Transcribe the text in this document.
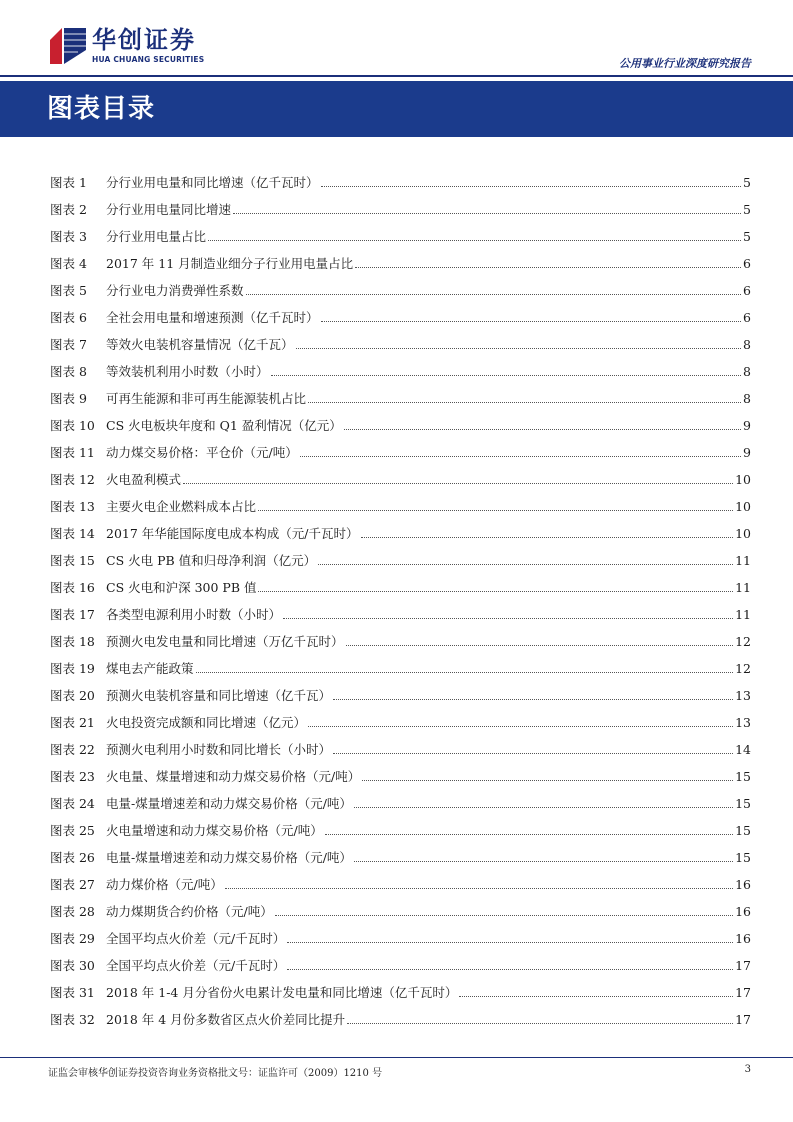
华创证券
HUA CHUANG SECURITIES	公用事业行业深度研究报告
图表目录
图表 1	分行业用电量和同比增速（亿千瓦时）	5
图表 2	分行业用电量同比增速	5
图表 3	分行业用电量占比	5
图表 4	2017 年 11 月制造业细分子行业用电量占比	6
图表 5	分行业电力消费弹性系数	6
图表 6	全社会用电量和增速预测（亿千瓦时）	6
图表 7	等效火电装机容量情况（亿千瓦）	8
图表 8	等效装机利用小时数（小时）	8
图表 9	可再生能源和非可再生能源装机占比	8
图表 10 CS 火电板块年度和 Q1 盈利情况（亿元）	9
图表 11 动力煤交易价格：平仓价（元/吨）	9
图表 12 火电盈利模式	10
图表 13 主要火电企业燃料成本占比	10
图表 14 2017 年华能国际度电成本构成（元/千瓦时）	10
图表 15 CS 火电 PB 值和归母净利润（亿元）	11
图表 16 CS 火电和沪深 300 PB 值	11
图表 17 各类型电源利用小时数（小时）	11
图表 18 预测火电发电量和同比增速（万亿千瓦时）	12
图表 19 煤电去产能政策	12
图表 20 预测火电装机容量和同比增速（亿千瓦）	13
图表 21 火电投资完成额和同比增速（亿元）	13
图表 22 预测火电利用小时数和同比增长（小时）	14
图表 23 火电量、煤量增速和动力煤交易价格（元/吨）	15
图表 24 电量-煤量增速差和动力煤交易价格（元/吨）	15
图表 25 火电量增速和动力煤交易价格（元/吨）	15
图表 26 电量-煤量增速差和动力煤交易价格（元/吨）	15
图表 27 动力煤价格（元/吨）	16
图表 28 动力煤期货合约价格（元/吨）	16
图表 29 全国平均点火价差（元/千瓦时）	16
图表 30 全国平均点火价差（元/千瓦时）	17
图表 31 2018 年 1-4 月分省份火电累计发电量和同比增速（亿千瓦时）	17
图表 32 2018 年 4 月份多数省区点火价差同比提升	17
证监会审核华创证券投资咨询业务资格批文号：证监许可（2009）1210 号	3
